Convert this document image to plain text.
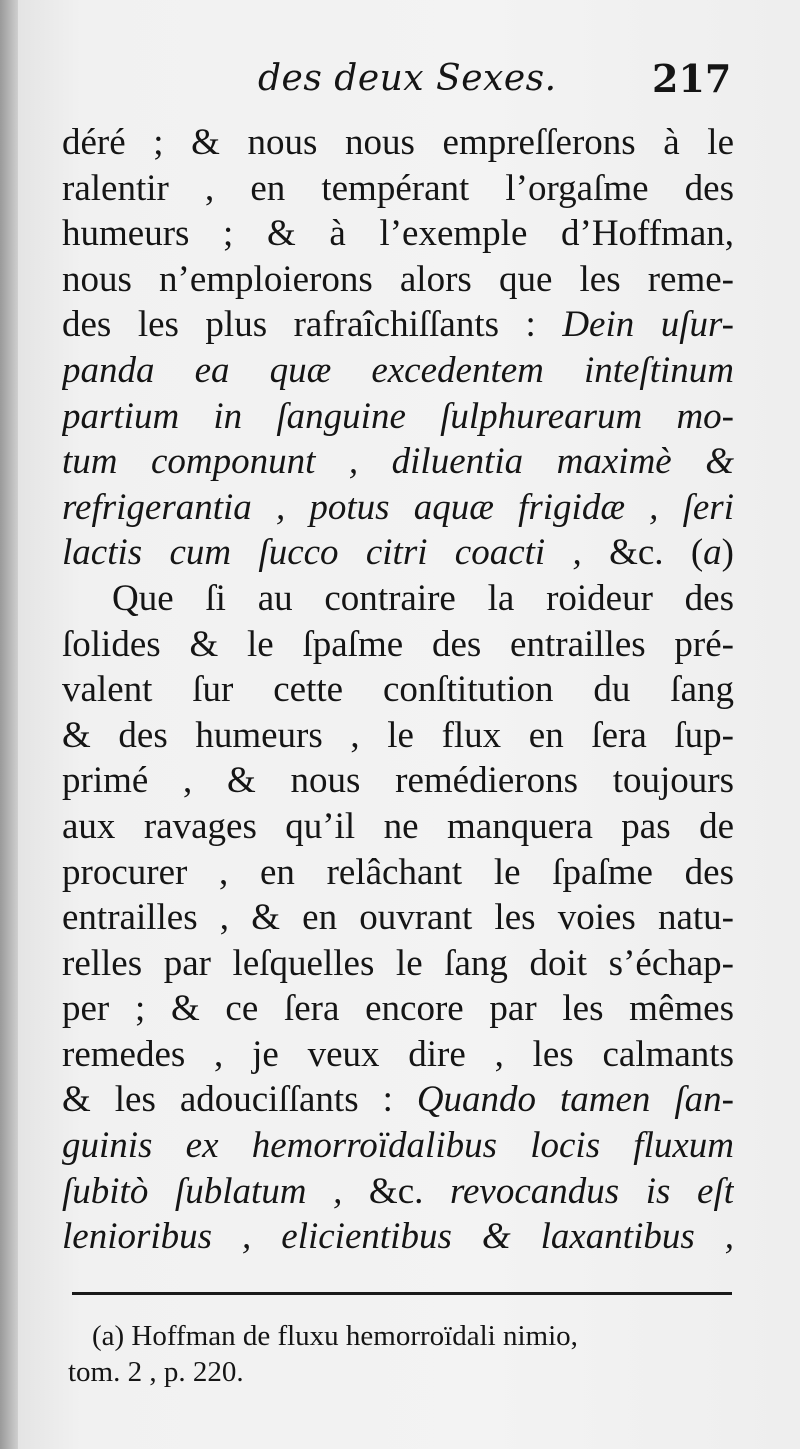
des deux Sexes.	217
déré ; & nous nous empreſſerons à le
ralentir , en tempérant l’orgaſme des
humeurs ; & à l’exemple d’Hoffman,
nous n’emploierons alors que les reme-
des les plus rafraîchiſſants : Dein uſur-
panda ea quæ excedentem inteſtinum
partium in ſanguine ſulphurearum mo-
tum componunt , diluentia maximè &
refrigerantia , potus aquæ frigidæ , ſeri
lactis cum ſucco citri coacti , &c. (a)
Que ſi au contraire la roideur des
ſolides & le ſpaſme des entrailles pré-
valent ſur cette conſtitution du ſang
& des humeurs , le flux en ſera ſup-
primé , & nous remédierons toujours
aux ravages qu’il ne manquera pas de
procurer , en relâchant le ſpaſme des
entrailles , & en ouvrant les voies natu-
relles par leſquelles le ſang doit s’échap-
per ; & ce ſera encore par les mêmes
remedes , je veux dire , les calmants
& les adouciſſants : Quando tamen ſan-
guinis ex hemorroïdalibus locis fluxum
ſubitò ſublatum , &c. revocandus is eſt
lenioribus , elicientibus & laxantibus ,
(a) Hoffman de fluxu hemorroïdali nimio,
tom. 2 , p. 220.
